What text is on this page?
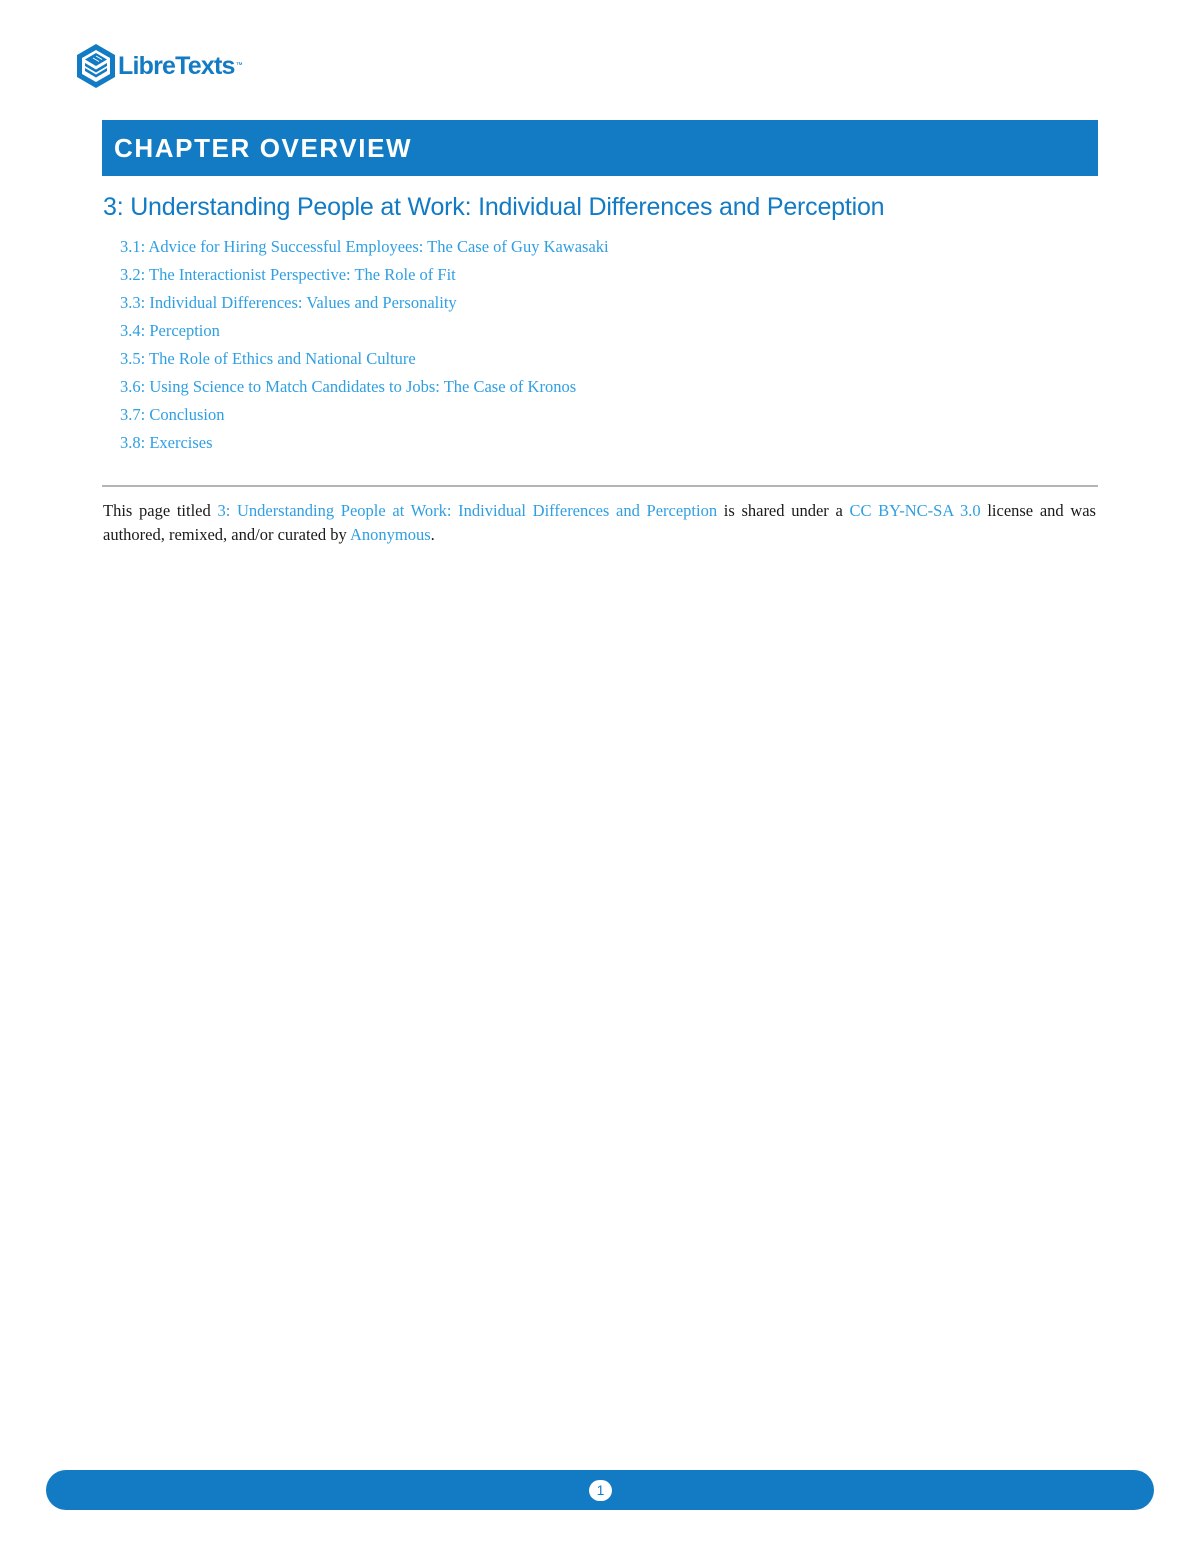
LibreTexts ™
CHAPTER OVERVIEW
3: Understanding People at Work: Individual Differences and Perception
3.1: Advice for Hiring Successful Employees: The Case of Guy Kawasaki
3.2: The Interactionist Perspective: The Role of Fit
3.3: Individual Differences: Values and Personality
3.4: Perception
3.5: The Role of Ethics and National Culture
3.6: Using Science to Match Candidates to Jobs: The Case of Kronos
3.7: Conclusion
3.8: Exercises

This page titled 3: Understanding People at Work: Individual Differences and Perception is shared under a CC BY-NC-SA 3.0 license and was authored, remixed, and/or curated by Anonymous.

1
